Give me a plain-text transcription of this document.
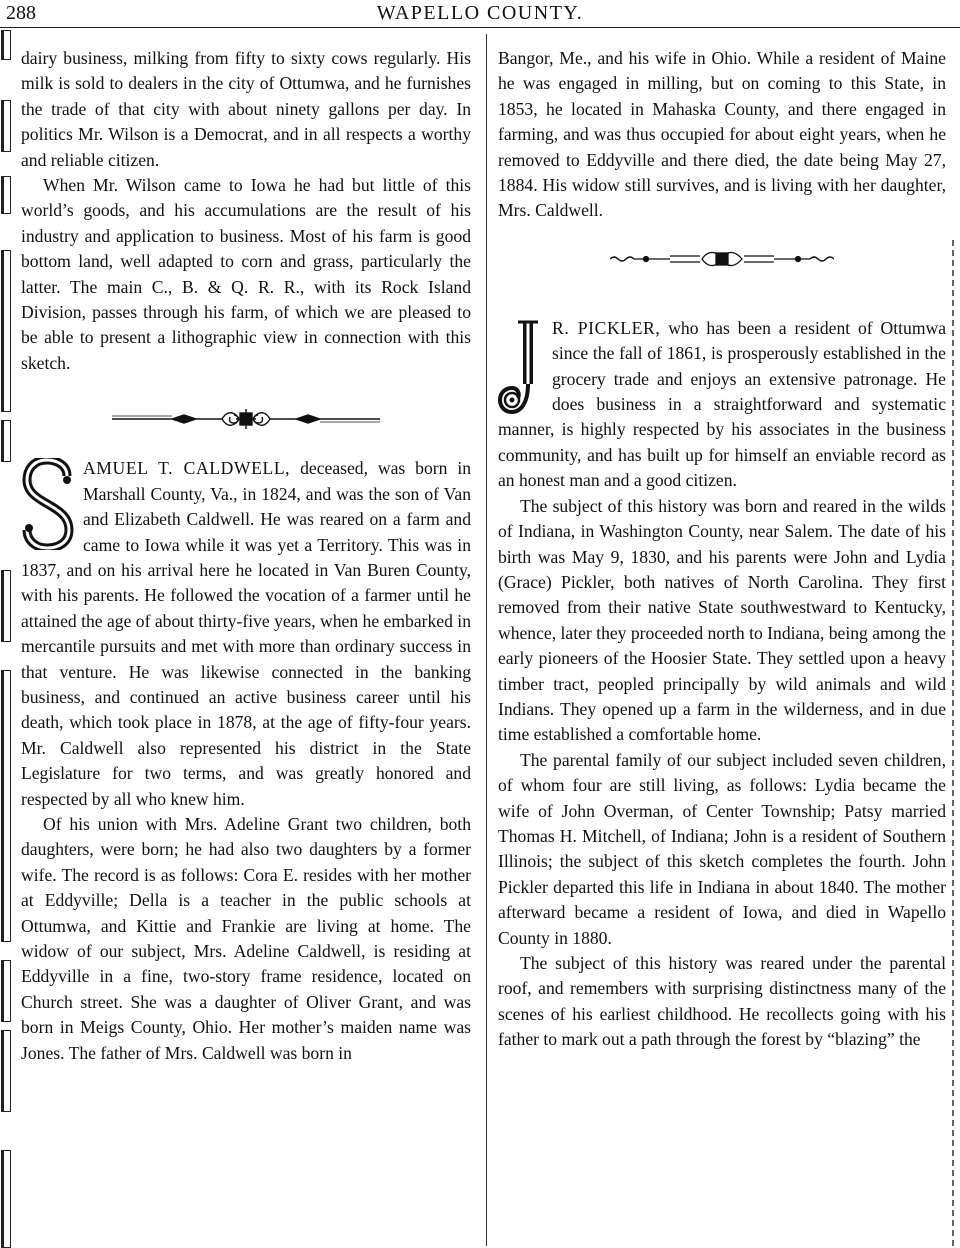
288	WAPELLO COUNTY.

dairy business, milking from fifty to sixty cows regularly. His milk is sold to dealers in the city of Ottumwa, and he furnishes the trade of that city with about ninety gallons per day. In politics Mr. Wilson is a Democrat, and in all respects a worthy and reliable citizen.

When Mr. Wilson came to Iowa he had but little of this world’s goods, and his accumulations are the result of his industry and application to business. Most of his farm is good bottom land, well adapted to corn and grass, particularly the latter. The main C., B. & Q. R. R., with its Rock Island Division, passes through his farm, of which we are pleased to be able to present a lithographic view in connection with this sketch.

AMUEL T. CALDWELL, deceased, was born in Marshall County, Va., in 1824, and was the son of Van and Elizabeth Caldwell. He was reared on a farm and came to Iowa while it was yet a Territory. This was in 1837, and on his arrival here he located in Van Buren County, with his parents. He followed the vocation of a farmer until he attained the age of about thirty-five years, when he embarked in mercantile pursuits and met with more than ordinary success in that venture. He was likewise connected in the banking business, and continued an active business career until his death, which took place in 1878, at the age of fifty-four years. Mr. Caldwell also represented his district in the State Legislature for two terms, and was greatly honored and respected by all who knew him.

Of his union with Mrs. Adeline Grant two children, both daughters, were born; he had also two daughters by a former wife. The record is as follows: Cora E. resides with her mother at Eddyville; Della is a teacher in the public schools at Ottumwa, and Kittie and Frankie are living at home. The widow of our subject, Mrs. Adeline Caldwell, is residing at Eddyville in a fine, two-story frame residence, located on Church street. She was a daughter of Oliver Grant, and was born in Meigs County, Ohio. Her mother’s maiden name was Jones. The father of Mrs. Caldwell was born in

Bangor, Me., and his wife in Ohio. While a resident of Maine he was engaged in milling, but on coming to this State, in 1853, he located in Mahaska County, and there engaged in farming, and was thus occupied for about eight years, when he removed to Eddyville and there died, the date being May 27, 1884. His widow still survives, and is living with her daughter, Mrs. Caldwell.

R. PICKLER, who has been a resident of Ottumwa since the fall of 1861, is prosperously established in the grocery trade and enjoys an extensive patronage. He does business in a straightforward and systematic manner, is highly respected by his associates in the business community, and has built up for himself an enviable record as an honest man and a good citizen.

The subject of this history was born and reared in the wilds of Indiana, in Washington County, near Salem. The date of his birth was May 9, 1830, and his parents were John and Lydia (Grace) Pickler, both natives of North Carolina. They first removed from their native State southwestward to Kentucky, whence, later they proceeded north to Indiana, being among the early pioneers of the Hoosier State. They settled upon a heavy timber tract, peopled principally by wild animals and wild Indians. They opened up a farm in the wilderness, and in due time established a comfortable home.

The parental family of our subject included seven children, of whom four are still living, as follows: Lydia became the wife of John Overman, of Center Township; Patsy married Thomas H. Mitchell, of Indiana; John is a resident of Southern Illinois; the subject of this sketch completes the fourth. John Pickler departed this life in Indiana in about 1840. The mother afterward became a resident of Iowa, and died in Wapello County in 1880.

The subject of this history was reared under the parental roof, and remembers with surprising distinctness many of the scenes of his earliest childhood. He recollects going with his father to mark out a path through the forest by “blazing” the
